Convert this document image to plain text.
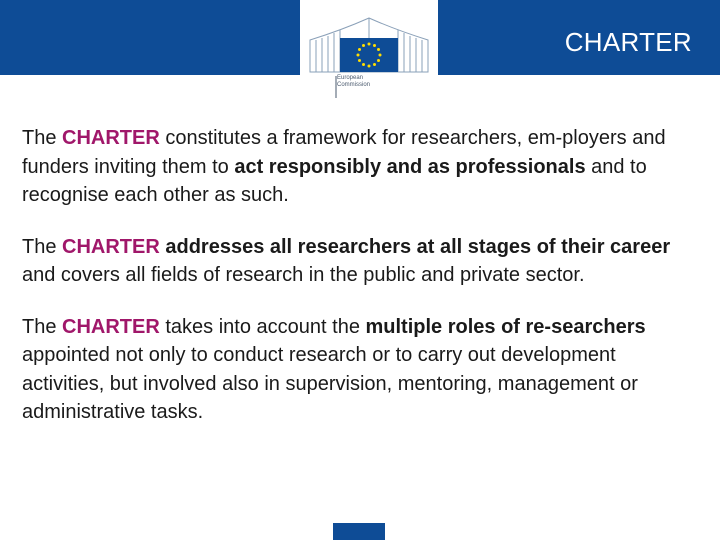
European
Commission
CHARTER

The CHARTER constitutes a framework for researchers, em-ployers and funders inviting them to act responsibly and as professionals and to recognise each other as such.

The CHARTER addresses all researchers at all stages of their career and covers all fields of research in the public and private sector.

The CHARTER takes into account the multiple roles of re-searchers appointed not only to conduct research or to carry out development activities, but involved also in supervision, mentoring, management or administrative tasks.
